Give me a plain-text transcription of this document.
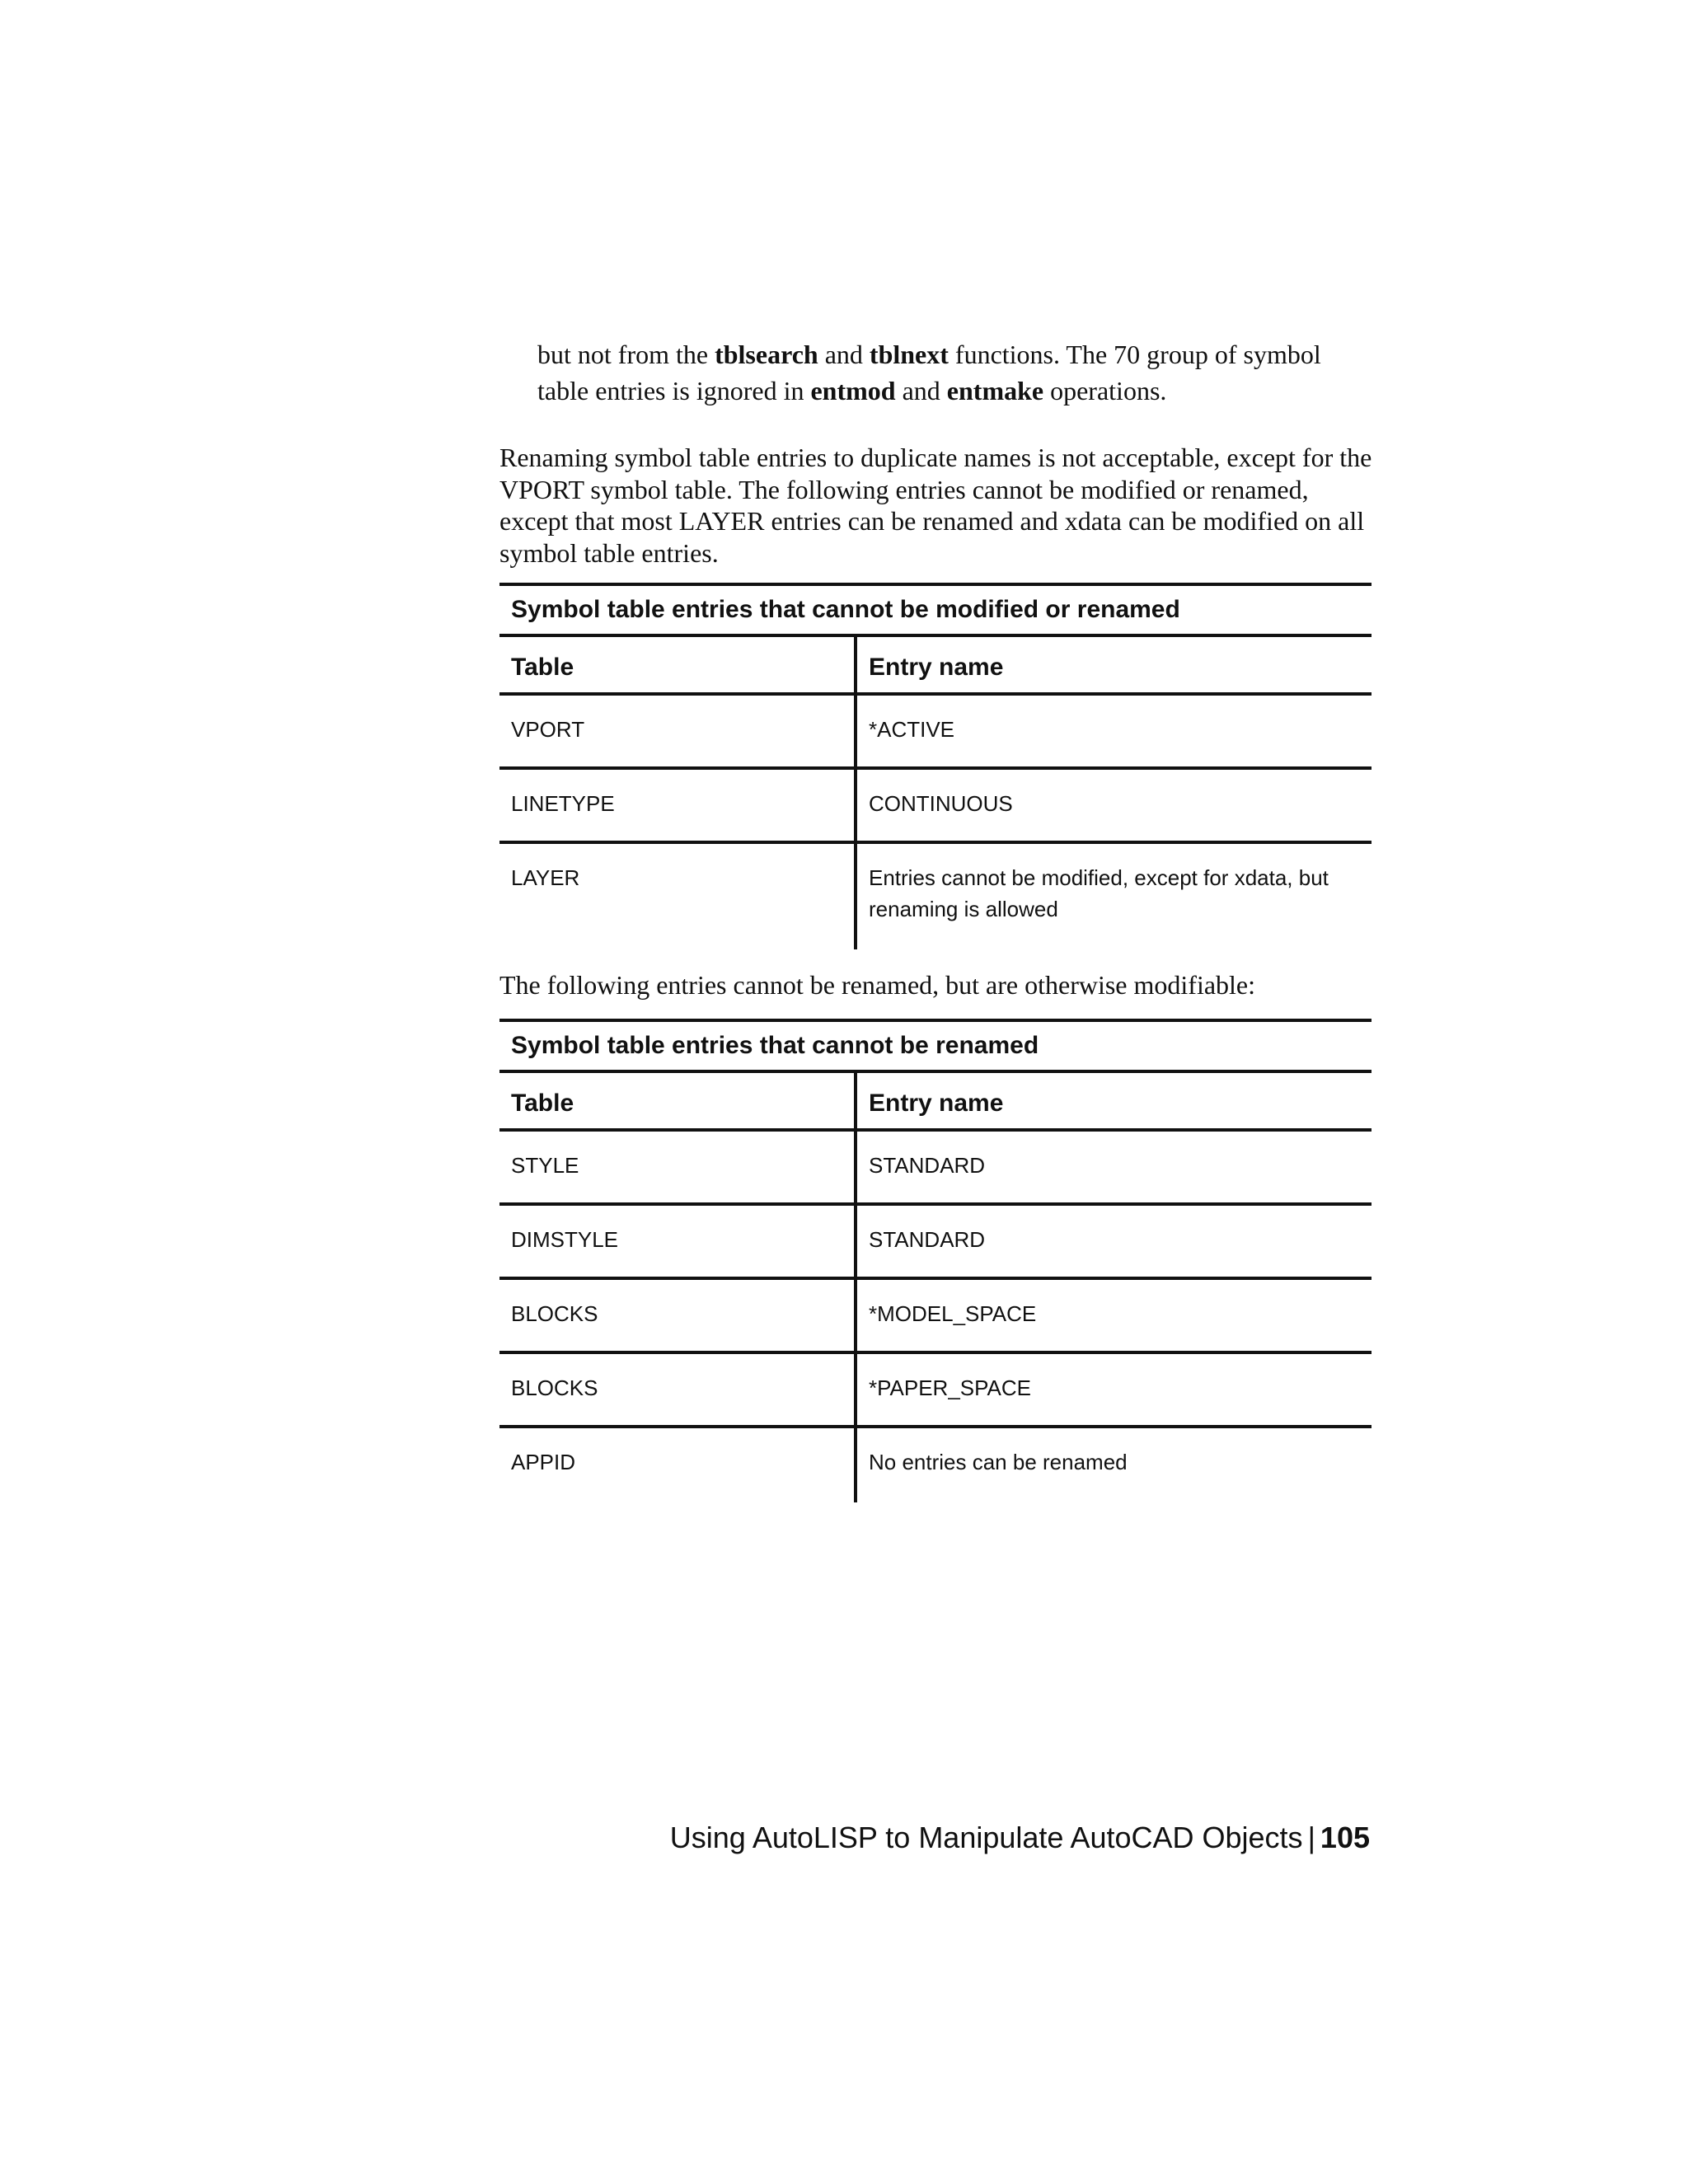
but not from the tblsearch and tblnext functions. The 70 group of symbol table entries is ignored in entmod and entmake operations.

Renaming symbol table entries to duplicate names is not acceptable, except for the VPORT symbol table. The following entries cannot be modified or renamed, except that most LAYER entries can be renamed and xdata can be modified on all symbol table entries.

Symbol table entries that cannot be modified or renamed
Table	Entry name
VPORT	*ACTIVE
LINETYPE	CONTINUOUS
LAYER	Entries cannot be modified, except for xdata, but renaming is allowed

The following entries cannot be renamed, but are otherwise modifiable:

Symbol table entries that cannot be renamed
Table	Entry name
STYLE	STANDARD
DIMSTYLE	STANDARD
BLOCKS	*MODEL_SPACE
BLOCKS	*PAPER_SPACE
APPID	No entries can be renamed
Using AutoLISP to Manipulate AutoCAD Objects | 105
